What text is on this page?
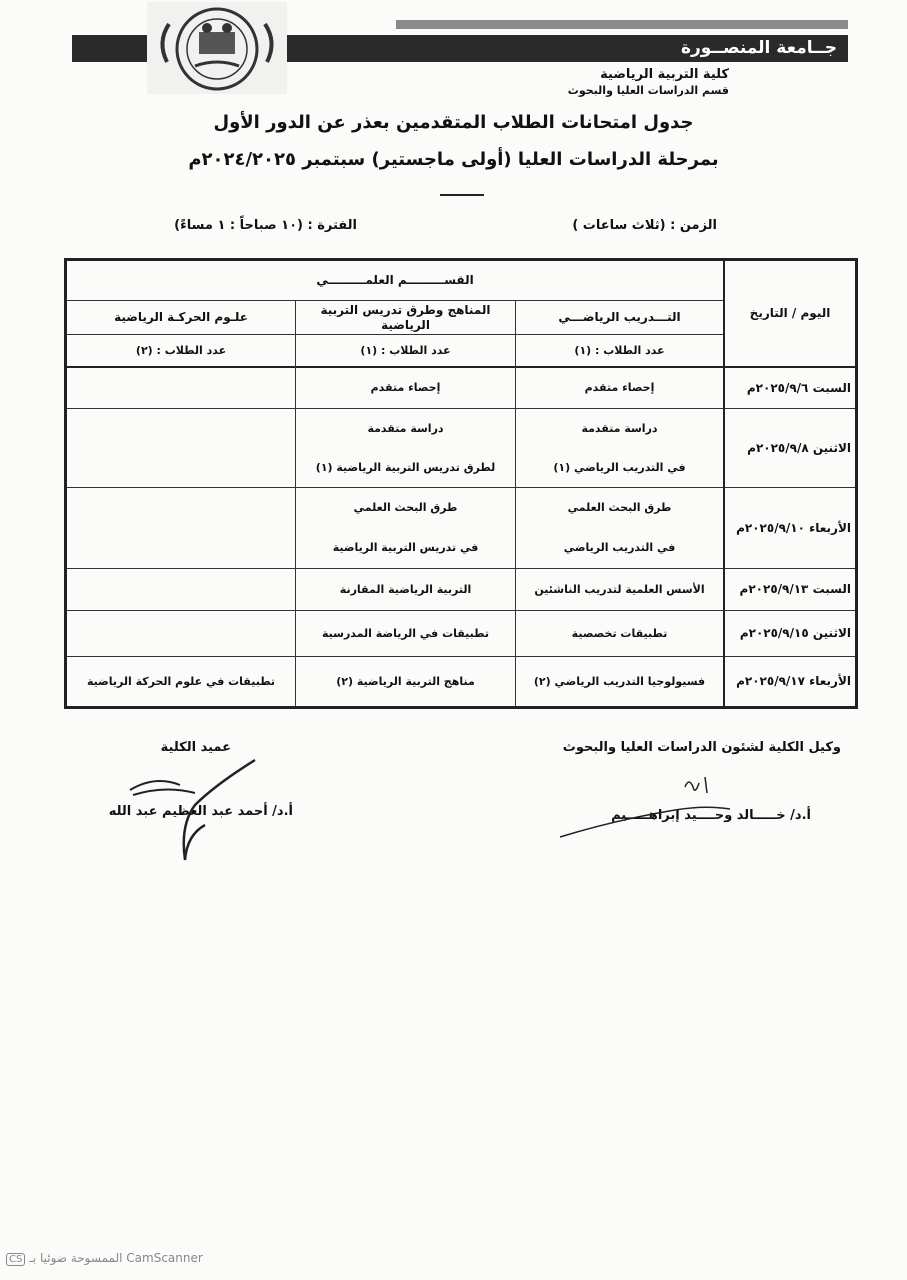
جــامعة المنصــورة
كلية التربية الرياضية
قسم الدراسات العليا والبحوث
جدول امتحانات الطلاب المتقدمين بعذر عن الدور الأول
بمرحلة الدراسات العليا (أولى ماجستير) سبتمبر ٢٠٢٤/٢٠٢٥م
الزمن : (ثلاث ساعات )
الفترة : (١٠ صباحاً : ١ مساءً)
اليوم / التاريخ
القســـــــــم العلمـــــــــي
التـــدريب الرياضـــي
المناهج وطرق تدريس التربية الرياضية
علـوم الحركـة الرياضية
عدد الطلاب : (١)
عدد الطلاب : (١)
عدد الطلاب : (٢)
السبت ٢٠٢٥/٩/٦م
إحصاء متقدم
إحصاء متقدم
الاثنين ٢٠٢٥/٩/٨م
دراسة متقدمة
في التدريب الرياضي (١)
دراسة متقدمة
لطرق تدريس التربية الرياضية (١)
الأربعاء ٢٠٢٥/٩/١٠م
طرق البحث العلمي
في التدريب الرياضي
طرق البحث العلمي
في تدريس التربية الرياضية
السبت ٢٠٢٥/٩/١٣م
الأسس العلمية لتدريب الناشئين
التربية الرياضية المقارنة
الاثنين ٢٠٢٥/٩/١٥م
تطبيقات تخصصية
تطبيقات في الرياضة المدرسية
الأربعاء ٢٠٢٥/٩/١٧م
فسيولوجيا التدريب الرياضي (٢)
مناهج التربية الرياضية (٢)
تطبيقات في علوم الحركة الرياضية
وكيل الكلية لشئون الدراسات العليا والبحوث
أ.د/ خـــــالد وحــــيد إبراهـــــيم
عميد الكلية
أ.د/ أحمد عبد العظيم عبد الله
CS الممسوحة ضوئيا بـ CamScanner
